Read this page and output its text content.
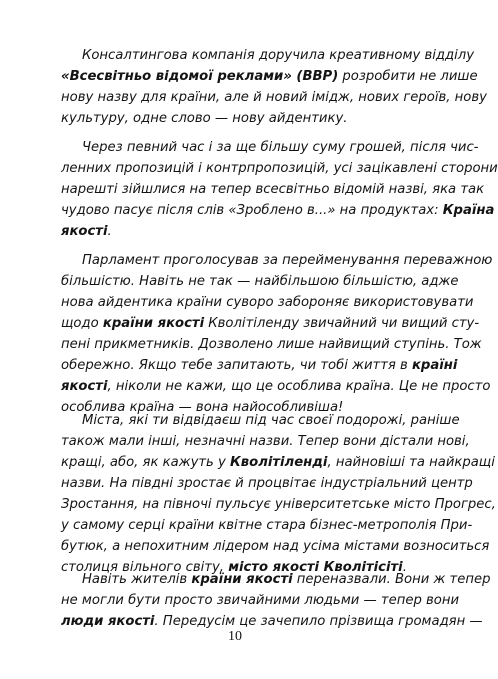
Консалтингова компанія доручила креативному відділу
«Всесвітньо відомої реклами» (ВВР) розробити не лише
нову назву для країни, але й новий імідж, нових героїв, нову
культуру, одне слово — нову айдентику.
Через певний час і за ще більшу суму грошей, після чис-
ленних пропозицій і контрпропозицій, усі зацікавлені сторони
нарешті зійшлися на тепер всесвітньо відомій назві, яка так
чудово пасує після слів «Зроблено в...» на продуктах: Країна
якості.
Парламент проголосував за перейменування переважною
більшістю. Навіть не так — найбільшою більшістю, адже
нова айдентика країни суворо забороняє використовувати
щодо країни якості Кволітіленду звичайний чи вищий сту-
пені прикметників. Дозволено лише найвищий ступінь. Тож
обережно. Якщо тебе запитають, чи тобі життя в країні
якості, ніколи не кажи, що це особлива країна. Це не просто
особлива країна — вона найособливіша!
Міста, які ти відвідаєш під час своєї подорожі, раніше
також мали інші, незначні назви. Тепер вони дістали нові,
кращі, або, як кажуть у Кволітіленді, найновіші та найкращі
назви. На півдні зростає й процвітає індустріальний центр
Зростання, на півночі пульсує університетське місто Прогрес,
у самому серці країни квітне стара бізнес-метрополія При-
бутюк, а непохитним лідером над усіма містами возноситься
столиця вільного світу, місто якості Кволітісіті.
Навіть жителів країни якості переназвали. Вони ж тепер
не могли бути просто звичайними людьми — тепер вони
люди якості. Передусім це зачепило прізвища громадян —
10
